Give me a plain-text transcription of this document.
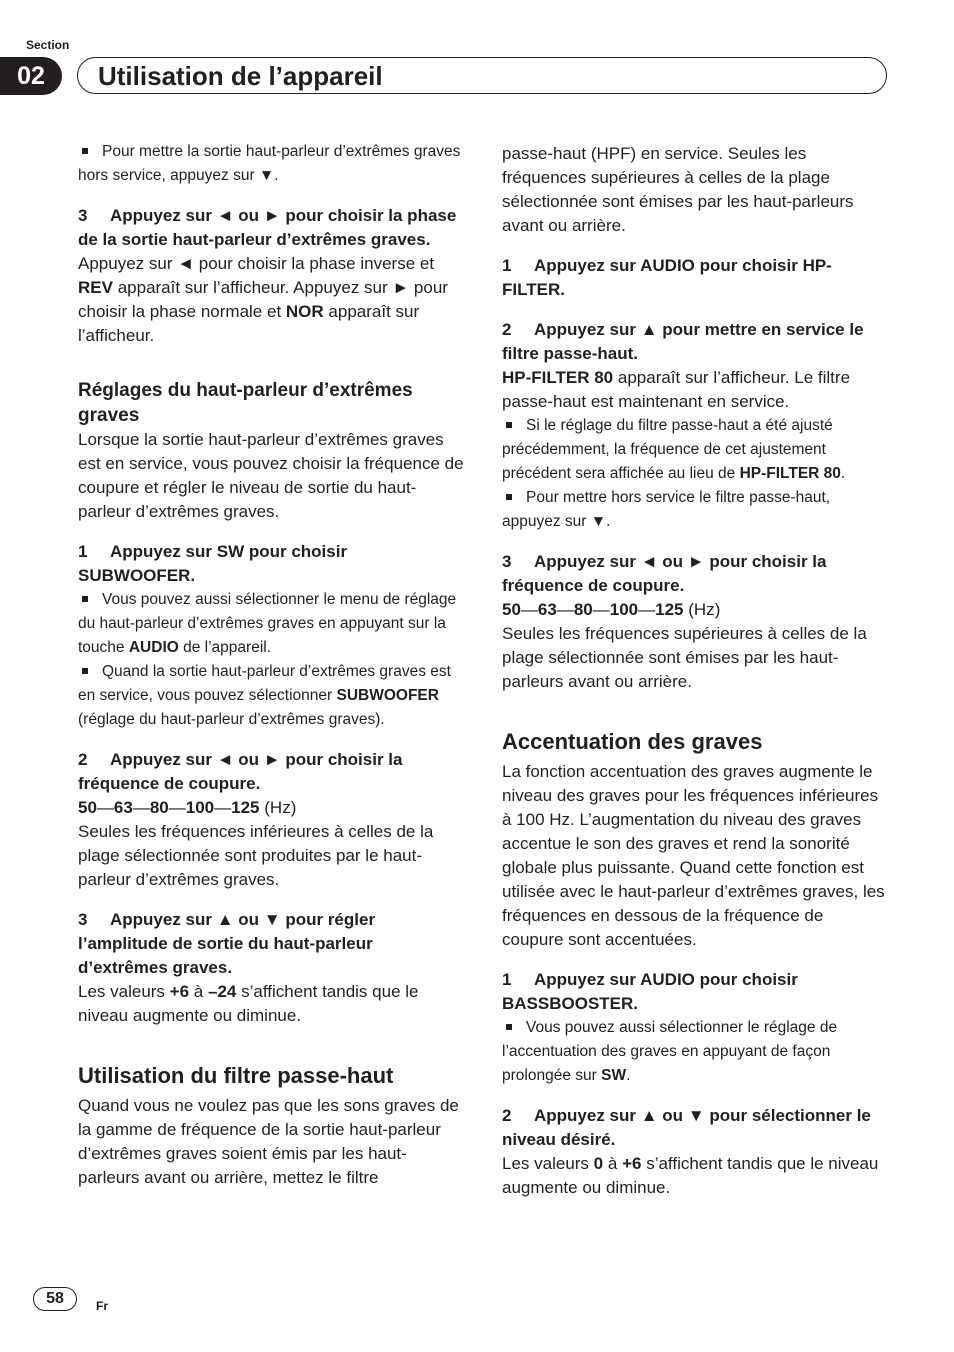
Section
02	Utilisation de l’appareil

Pour mettre la sortie haut-parleur d’extrêmes graves hors service, appuyez sur ▼.

3 Appuyez sur ◄ ou ► pour choisir la phase de la sortie haut-parleur d’extrêmes graves.

Appuyez sur ◄ pour choisir la phase inverse et REV apparaît sur l’afficheur. Appuyez sur ► pour choisir la phase normale et NOR apparaît sur l’afficheur.

Réglages du haut-parleur d’extrêmes graves

Lorsque la sortie haut-parleur d’extrêmes graves est en service, vous pouvez choisir la fréquence de coupure et régler le niveau de sortie du haut-parleur d’extrêmes graves.

1 Appuyez sur SW pour choisir SUBWOOFER.

Vous pouvez aussi sélectionner le menu de réglage du haut-parleur d’extrêmes graves en appuyant sur la touche AUDIO de l’appareil.

Quand la sortie haut-parleur d’extrêmes graves est en service, vous pouvez sélectionner SUBWOOFER (réglage du haut-parleur d’extrêmes graves).

2 Appuyez sur ◄ ou ► pour choisir la fréquence de coupure.

50—63—80—100—125 (Hz)

Seules les fréquences inférieures à celles de la plage sélectionnée sont produites par le haut-parleur d’extrêmes graves.

3 Appuyez sur ▲ ou ▼ pour régler l’amplitude de sortie du haut-parleur d’extrêmes graves.

Les valeurs +6 à –24 s’affichent tandis que le niveau augmente ou diminue.

Utilisation du filtre passe-haut

Quand vous ne voulez pas que les sons graves de la gamme de fréquence de la sortie haut-parleur d’extrêmes graves soient émis par les haut-parleurs avant ou arrière, mettez le filtre

passe-haut (HPF) en service. Seules les fréquences supérieures à celles de la plage sélectionnée sont émises par les haut-parleurs avant ou arrière.

1 Appuyez sur AUDIO pour choisir HP-FILTER.

2 Appuyez sur ▲ pour mettre en service le filtre passe-haut.

HP-FILTER 80 apparaît sur l’afficheur. Le filtre passe-haut est maintenant en service.

Si le réglage du filtre passe-haut a été ajusté précédemment, la fréquence de cet ajustement précédent sera affichée au lieu de HP-FILTER 80.

Pour mettre hors service le filtre passe-haut, appuyez sur ▼.

3 Appuyez sur ◄ ou ► pour choisir la fréquence de coupure.

50—63—80—100—125 (Hz)

Seules les fréquences supérieures à celles de la plage sélectionnée sont émises par les haut-parleurs avant ou arrière.

Accentuation des graves

La fonction accentuation des graves augmente le niveau des graves pour les fréquences inférieures à 100 Hz. L’augmentation du niveau des graves accentue le son des graves et rend la sonorité globale plus puissante. Quand cette fonction est utilisée avec le haut-parleur d’extrêmes graves, les fréquences en dessous de la fréquence de coupure sont accentuées.

1 Appuyez sur AUDIO pour choisir BASSBOOSTER.

Vous pouvez aussi sélectionner le réglage de l’accentuation des graves en appuyant de façon prolongée sur SW.

2 Appuyez sur ▲ ou ▼ pour sélectionner le niveau désiré.

Les valeurs 0 à +6 s’affichent tandis que le niveau augmente ou diminue.

58	Fr
